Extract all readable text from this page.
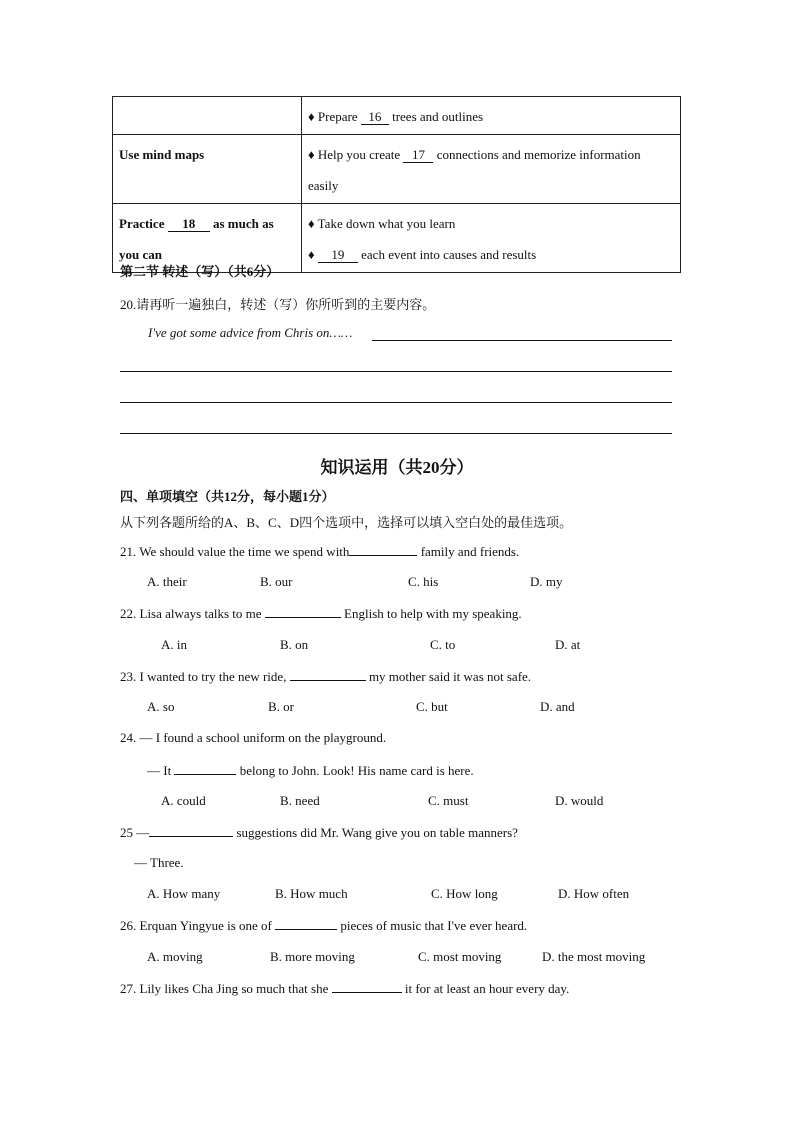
	♦ Prepare 16 trees and outlines
Use mind maps	♦ Help you create 17 connections and memorize information easily
Practice 18 as much as you can	♦ Take down what you learn
♦ 19 each event into causes and results
第二节 转述（写）（共6分）
20.请再听一遍独白，转述（写）你所听到的主要内容。
I've got some advice from Chris on……
知识运用（共20分）
四、单项填空（共12分，每小题1分）
从下列各题所给的A、B、C、D四个选项中，选择可以填入空白处的最佳选项。
21. We should value the time we spend with	family and friends.
A. their	B. our	C. his	D. my
22. Lisa always talks to me	English to help with my speaking.
A. in	B. on	C. to	D. at
23. I wanted to try the new ride,	my mother said it was not safe.
A. so	B. or	C. but	D. and
24. — I found a school uniform on the playground.
— It	belong to John. Look! His name card is here.
A. could	B. need	C. must	D. would
25 —	suggestions did Mr. Wang give you on table manners?
— Three.
A. How many	B. How much	C. How long	D. How often
26. Erquan Yingyue is one of	pieces of music that I've ever heard.
A. moving	B. more moving	C. most moving	D. the most moving
27. Lily likes Cha Jing so much that she	it for at least an hour every day.
